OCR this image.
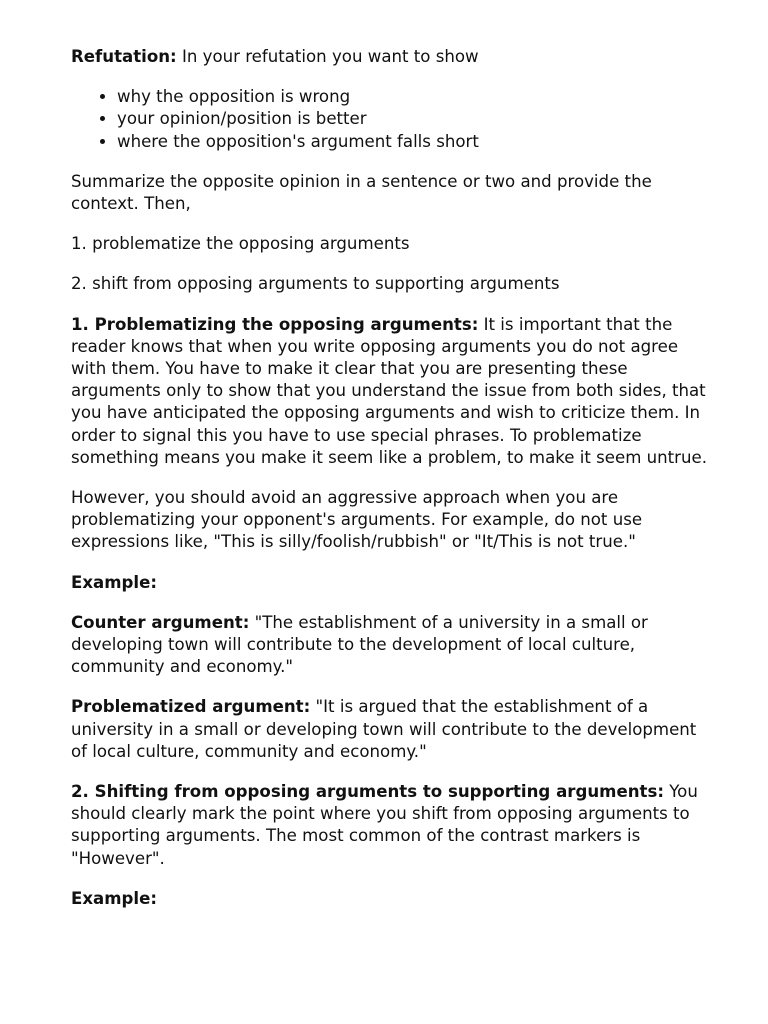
Refutation: In your refutation you want to show

• why the opposition is wrong
• your opinion/position is better
• where the opposition's argument falls short

Summarize the opposite opinion in a sentence or two and provide the context. Then,

1. problematize the opposing arguments

2. shift from opposing arguments to supporting arguments

1. Problematizing the opposing arguments: It is important that the reader knows that when you write opposing arguments you do not agree with them. You have to make it clear that you are presenting these arguments only to show that you understand the issue from both sides, that you have anticipated the opposing arguments and wish to criticize them. In order to signal this you have to use special phrases. To problematize something means you make it seem like a problem, to make it seem untrue.

However, you should avoid an aggressive approach when you are problematizing your opponent's arguments. For example, do not use expressions like, "This is silly/foolish/rubbish" or "It/This is not true."

Example:

Counter argument: "The establishment of a university in a small or developing town will contribute to the development of local culture, community and economy."

Problematized argument: "It is argued that the establishment of a university in a small or developing town will contribute to the development of local culture, community and economy."

2. Shifting from opposing arguments to supporting arguments: You should clearly mark the point where you shift from opposing arguments to supporting arguments. The most common of the contrast markers is "However".

Example:
